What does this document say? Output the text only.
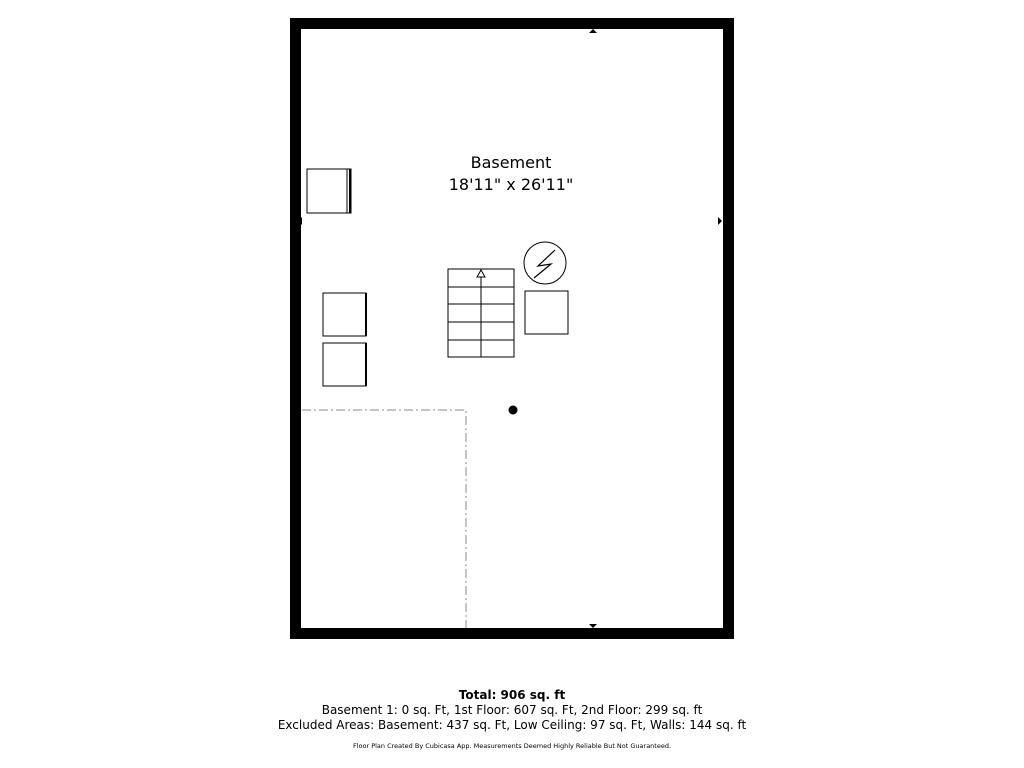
Basement
18'11" x 26'11"
Total: 906 sq. ft
Basement 1: 0 sq. Ft, 1st Floor: 607 sq. Ft, 2nd Floor: 299 sq. ft
Excluded Areas: Basement: 437 sq. Ft, Low Ceiling: 97 sq. Ft, Walls: 144 sq. ft
Floor Plan Created By Cubicasa App. Measurements Deemed Highly Reliable But Not Guaranteed.
